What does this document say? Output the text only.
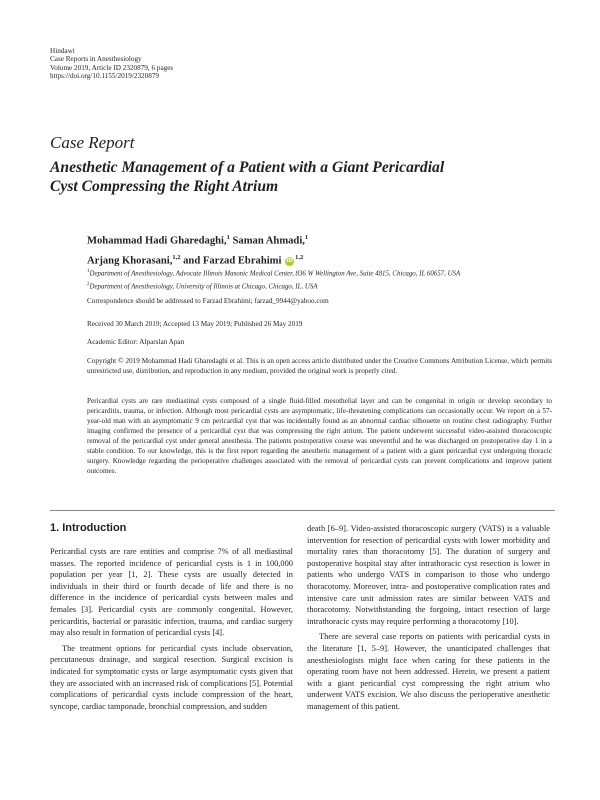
Hindawi
Case Reports in Anesthesiology
Volume 2019, Article ID 2320879, 6 pages
https://doi.org/10.1155/2019/2320879
Case Report
Anesthetic Management of a Patient with a Giant Pericardial
Cyst Compressing the Right Atrium
Mohammad Hadi Gharedaghi,$^1$ Saman Ahmadi,$^1$
Arjang Khorasani,$^{1,2}$ and Farzad Ebrahimi iD$^{1,2}$
$^1$Department of Anesthesiology, Advocate Illinois Masonic Medical Center, 836 W Wellington Ave, Suite 4815, Chicago, IL 60657, USA
$^2$Department of Anesthesiology, University of Illinois at Chicago, Chicago, IL, USA
Correspondence should be addressed to Farzad Ebrahimi; farzad_9944@yahoo.com
Received 30 March 2019; Accepted 13 May 2019; Published 26 May 2019
Academic Editor: Alparslan Apan
Copyright © 2019 Mohammad Hadi Gharedaghi et al. This is an open access article distributed under the Creative Commons Attribution License, which permits unrestricted use, distribution, and reproduction in any medium, provided the original work is properly cited.
Pericardial cysts are rare mediastinal cysts composed of a single fluid-filled mesothelial layer and can be congenital in origin or develop secondary to pericarditis, trauma, or infection. Although most pericardial cysts are asymptomatic, life-threatening complications can occasionally occur. We report on a 57-year-old man with an asymptomatic 9 cm pericardial cyst that was incidentally found as an abnormal cardiac silhouette on routine chest radiography. Further imaging confirmed the presence of a pericardial cyst that was compressing the right atrium. The patient underwent successful video-assisted thoracoscopic removal of the pericardial cyst under general anesthesia. The patients postoperative course was uneventful and he was discharged on postoperative day 1 in a stable condition. To our knowledge, this is the first report regarding the anesthetic management of a patient with a giant pericardial cyst undergoing thoracic surgery. Knowledge regarding the perioperative challenges associated with the removal of pericardial cysts can prevent complications and improve patient outcomes.
1. Introduction

Pericardial cysts are rare entities and comprise 7% of all mediastinal masses. The reported incidence of pericardial cysts is 1 in 100,000 population per year [1, 2]. These cysts are usually detected in individuals in their third or fourth decade of life and there is no difference in the incidence of pericardial cysts between males and females [3]. Pericardial cysts are commonly congenital. However, pericarditis, bacterial or parasitic infection, trauma, and cardiac surgery may also result in formation of pericardial cysts [4].

The treatment options for pericardial cysts include observation, percutaneous drainage, and surgical resection. Surgical excision is indicated for symptomatic cysts or large asymptomatic cysts given that they are associated with an increased risk of complications [5]. Potential complications of pericardial cysts include compression of the heart, syncope, cardiac tamponade, bronchial compression, and sudden

death [6–9]. Video-assisted thoracoscopic surgery (VATS) is a valuable intervention for resection of pericardial cysts with lower morbidity and mortality rates than thoracotomy [5]. The duration of surgery and postoperative hospital stay after intrathoracic cyst resection is lower in patients who undergo VATS in comparison to those who undergo thoracotomy. Moreover, intra- and postoperative complication rates and intensive care unit admission rates are similar between VATS and thoracotomy. Notwithstanding the forgoing, intact resection of large intrathoracic cysts may require performing a thoracotomy [10].

There are several case reports on patients with pericardial cysts in the literature [1, 5–9]. However, the unanticipated challenges that anesthesiologists might face when caring for these patients in the operating room have not been addressed. Herein, we present a patient with a giant pericardial cyst compressing the right atrium who underwent VATS excision. We also discuss the perioperative anesthetic management of this patient.
